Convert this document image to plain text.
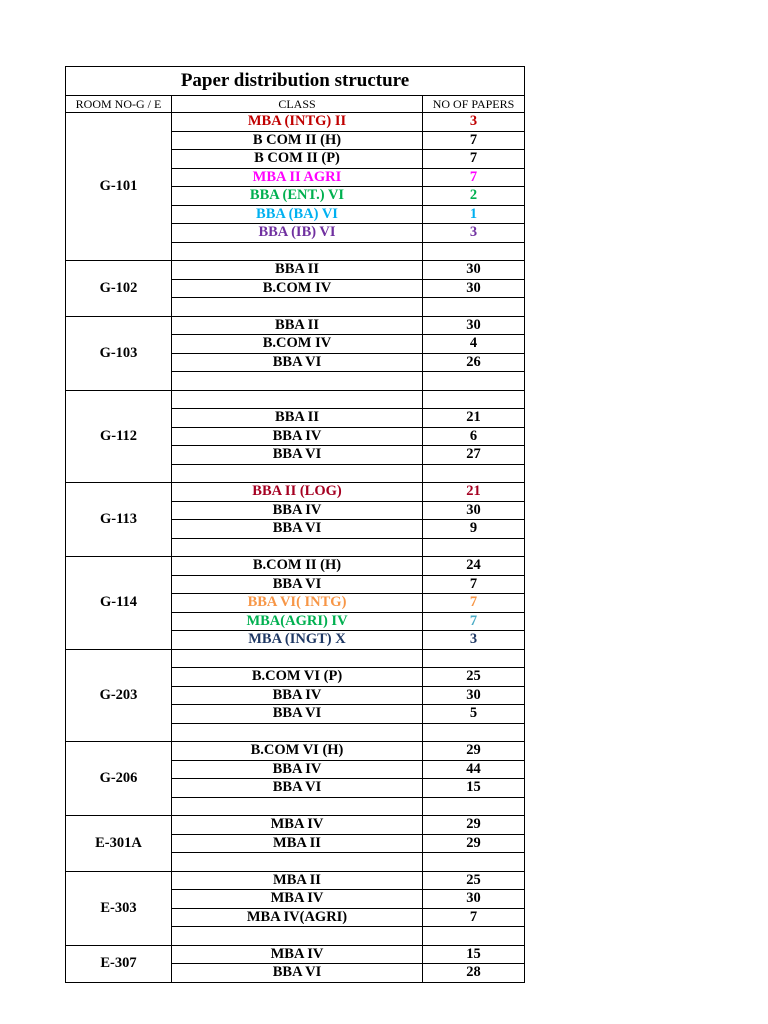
Paper distribution structure		
ROOM NO-G / E	CLASS	NO OF PAPERS
G-101	MBA (INTG) II	3
	B COM II (H)	7
	B COM II (P)	7
	MBA II AGRI	7
	BBA (ENT.) VI	2
	BBA (BA) VI	1
	BBA (IB) VI	3

G-102	BBA II	30
	B.COM IV	30

G-103	BBA II	30
	B.COM IV	4
	BBA VI	26

G-112		
	BBA II	21
	BBA IV	6
	BBA VI	27

G-113	BBA II (LOG)	21
	BBA IV	30
	BBA VI	9

G-114	B.COM II (H)	24
	BBA VI	7
	BBA VI( INTG)	7
	MBA(AGRI) IV	7
	MBA (INGT) X	3
G-203		
	B.COM VI (P)	25
	BBA IV	30
	BBA VI	5

G-206	B.COM VI (H)	29
	BBA IV	44
	BBA VI	15

E-301A	MBA IV	29
	MBA II	29

E-303	MBA II	25
	MBA IV	30
	MBA IV(AGRI)	7

E-307	MBA IV	15
	BBA VI	28
